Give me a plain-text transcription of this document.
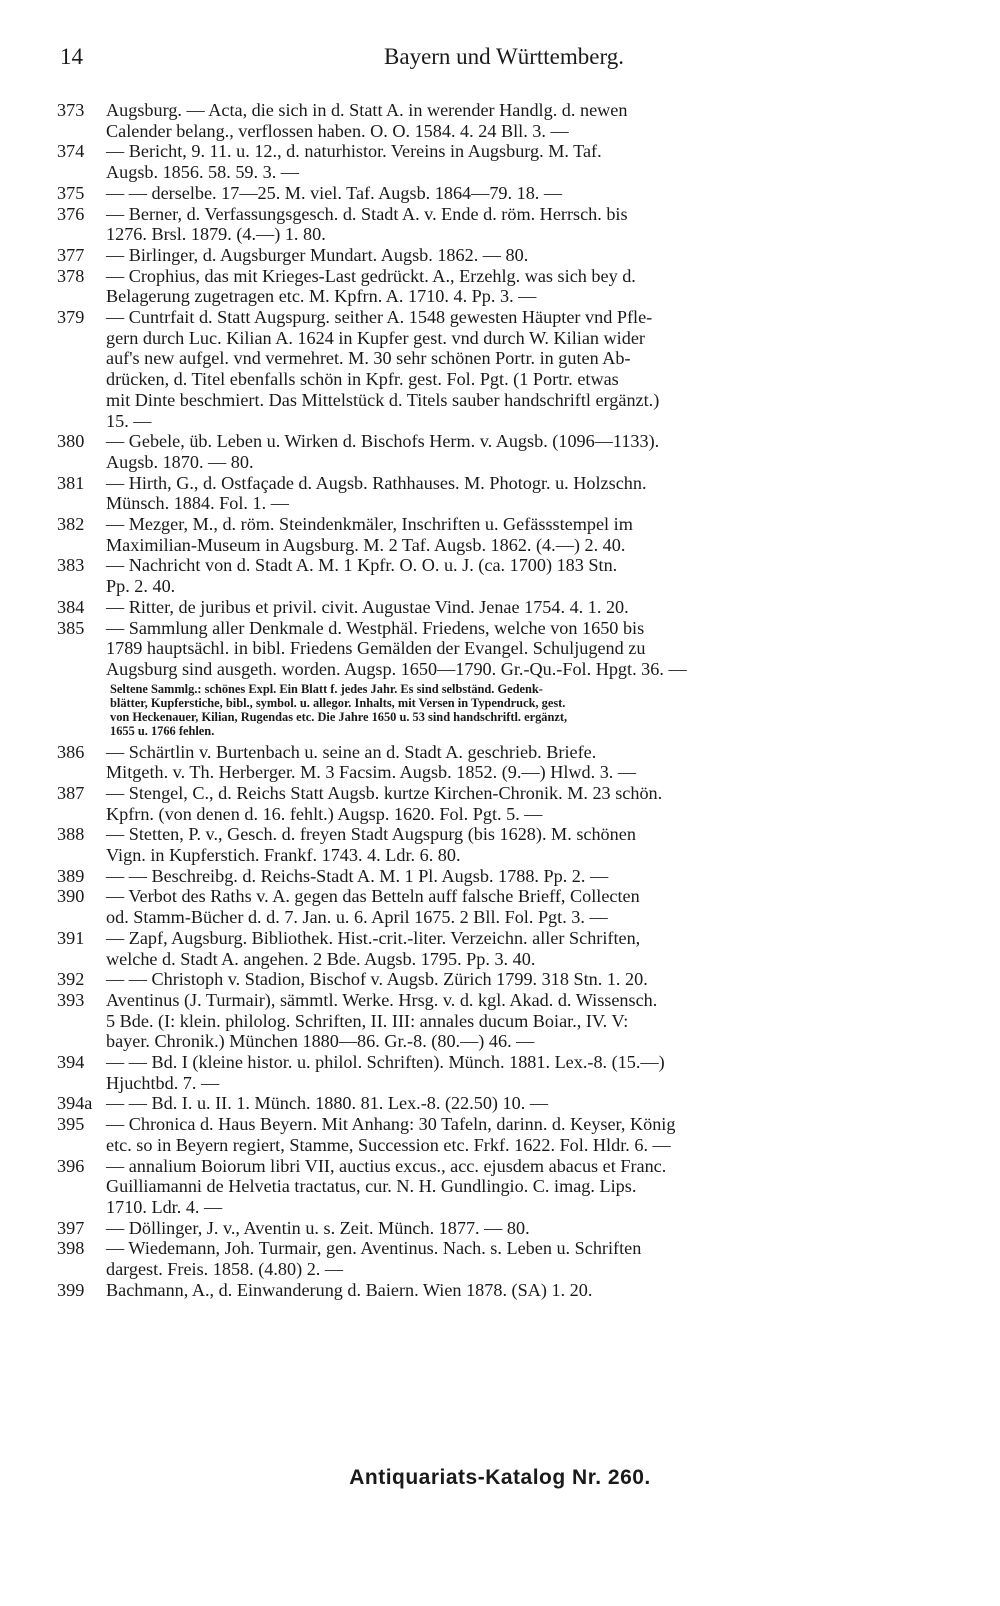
14	Bayern und Württemberg.
373	Augsburg. — Acta, die sich in d. Statt A. in werender Handlg. d. newen
Calender belang., verflossen haben. O. O. 1584. 4. 24 Bll. 3. —
374	— Bericht, 9. 11. u. 12., d. naturhistor. Vereins in Augsburg. M. Taf.
Augsb. 1856. 58. 59. 3. —
375	— — derselbe. 17—25. M. viel. Taf. Augsb. 1864—79. 18. —
376	— Berner, d. Verfassungsgesch. d. Stadt A. v. Ende d. röm. Herrsch. bis
1276. Brsl. 1879. (4.—) 1. 80.
377	— Birlinger, d. Augsburger Mundart. Augsb. 1862. — 80.
378	— Crophius, das mit Krieges-Last gedrückt. A., Erzehlg. was sich bey d.
Belagerung zugetragen etc. M. Kpfrn. A. 1710. 4. Pp. 3. —
379	— Cuntrfait d. Statt Augspurg. seither A. 1548 gewesten Häupter vnd Pfle-
gern durch Luc. Kilian A. 1624 in Kupfer gest. vnd durch W. Kilian wider
auf's new aufgel. vnd vermehret. M. 30 sehr schönen Portr. in guten Ab-
drücken, d. Titel ebenfalls schön in Kpfr. gest. Fol. Pgt. (1 Portr. etwas
mit Dinte beschmiert. Das Mittelstück d. Titels sauber handschriftl ergänzt.)
15. —
380	— Gebele, üb. Leben u. Wirken d. Bischofs Herm. v. Augsb. (1096—1133).
Augsb. 1870. — 80.
381	— Hirth, G., d. Ostfaçade d. Augsb. Rathhauses. M. Photogr. u. Holzschn.
Münsch. 1884. Fol. 1. —
382	— Mezger, M., d. röm. Steindenkmäler, Inschriften u. Gefässstempel im
Maximilian-Museum in Augsburg. M. 2 Taf. Augsb. 1862. (4.—) 2. 40.
383	— Nachricht von d. Stadt A. M. 1 Kpfr. O. O. u. J. (ca. 1700) 183 Stn.
Pp. 2. 40.
384	— Ritter, de juribus et privil. civit. Augustae Vind. Jenae 1754. 4. 1. 20.
385	— Sammlung aller Denkmale d. Westphäl. Friedens, welche von 1650 bis
1789 hauptsächl. in bibl. Friedens Gemälden der Evangel. Schuljugend zu
Augsburg sind ausgeth. worden. Augsp. 1650—1790. Gr.-Qu.-Fol. Hpgt. 36. —
Seltene Sammlg.: schönes Expl. Ein Blatt f. jedes Jahr. Es sind selbständ. Gedenk-
blätter, Kupferstiche, bibl., symbol. u. allegor. Inhalts, mit Versen in Typendruck, gest.
von Heckenauer, Kilian, Rugendas etc. Die Jahre 1650 u. 53 sind handschriftl. ergänzt,
1655 u. 1766 fehlen.
386	— Schärtlin v. Burtenbach u. seine an d. Stadt A. geschrieb. Briefe.
Mitgeth. v. Th. Herberger. M. 3 Facsim. Augsb. 1852. (9.—) Hlwd. 3. —
387	— Stengel, C., d. Reichs Statt Augsb. kurtze Kirchen-Chronik. M. 23 schön.
Kpfrn. (von denen d. 16. fehlt.) Augsp. 1620. Fol. Pgt. 5. —
388	— Stetten, P. v., Gesch. d. freyen Stadt Augspurg (bis 1628). M. schönen
Vign. in Kupferstich. Frankf. 1743. 4. Ldr. 6. 80.
389	— — Beschreibg. d. Reichs-Stadt A. M. 1 Pl. Augsb. 1788. Pp. 2. —
390	— Verbot des Raths v. A. gegen das Betteln auff falsche Brieff, Collecten
od. Stamm-Bücher d. d. 7. Jan. u. 6. April 1675. 2 Bll. Fol. Pgt. 3. —
391	— Zapf, Augsburg. Bibliothek. Hist.-crit.-liter. Verzeichn. aller Schriften,
welche d. Stadt A. angehen. 2 Bde. Augsb. 1795. Pp. 3. 40.
392	— — Christoph v. Stadion, Bischof v. Augsb. Zürich 1799. 318 Stn. 1. 20.
393	Aventinus (J. Turmair), sämmtl. Werke. Hrsg. v. d. kgl. Akad. d. Wissensch.
5 Bde. (I: klein. philolog. Schriften, II. III: annales ducum Boiar., IV. V:
bayer. Chronik.) München 1880—86. Gr.-8. (80.—) 46. —
394	— — Bd. I (kleine histor. u. philol. Schriften). Münch. 1881. Lex.-8. (15.—)
Hjuchtbd. 7. —
394a — — Bd. I. u. II. 1. Münch. 1880. 81. Lex.-8. (22.50) 10. —
395	— Chronica d. Haus Beyern. Mit Anhang: 30 Tafeln, darinn. d. Keyser, König
etc. so in Beyern regiert, Stamme, Succession etc. Frkf. 1622. Fol. Hldr. 6. —
396	— annalium Boiorum libri VII, auctius excus., acc. ejusdem abacus et Franc.
Guilliamanni de Helvetia tractatus, cur. N. H. Gundlingio. C. imag. Lips.
1710. Ldr. 4. —
397	— Döllinger, J. v., Aventin u. s. Zeit. Münch. 1877. — 80.
398	— Wiedemann, Joh. Turmair, gen. Aventinus. Nach. s. Leben u. Schriften
dargest. Freis. 1858. (4.80) 2. —
399	Bachmann, A., d. Einwanderung d. Baiern. Wien 1878. (SA) 1. 20.
Antiquariats-Katalog Nr. 260.
